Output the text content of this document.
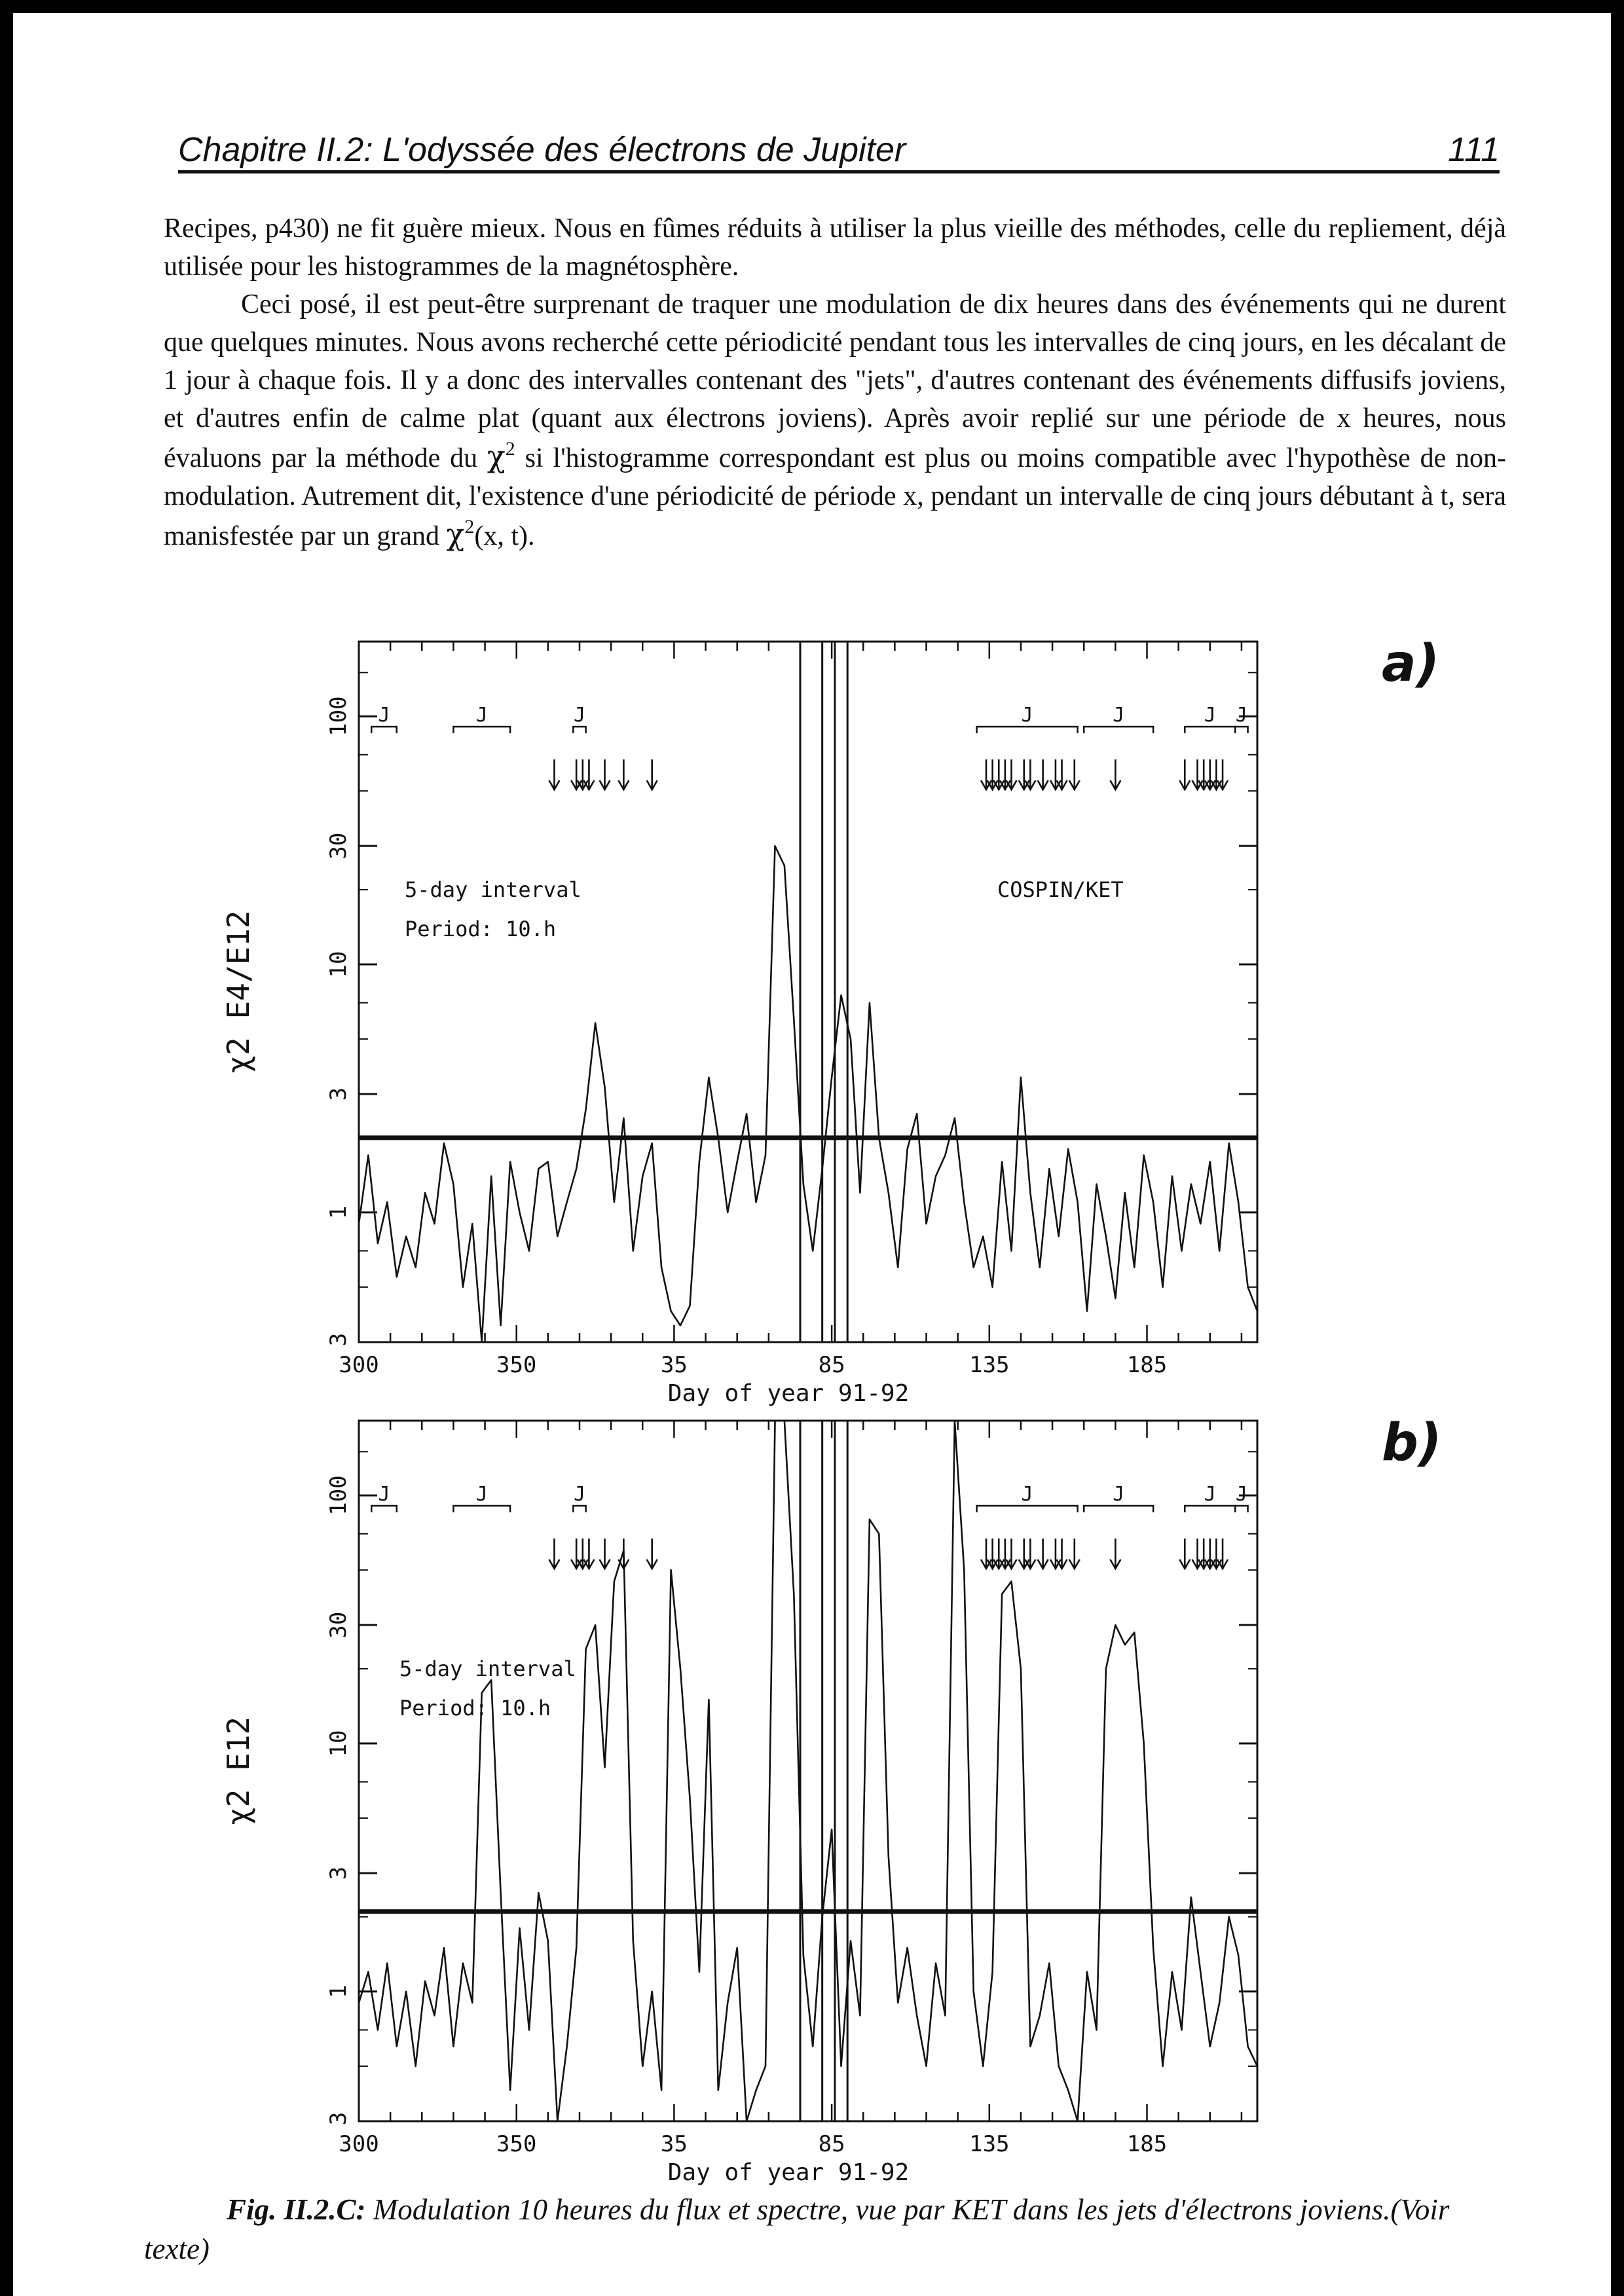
Chapitre II.2: L'odyssée des électrons de Jupiter	111

Recipes, p430) ne fit guère mieux. Nous en fûmes réduits à utiliser la plus vieille des méthodes, celle du repliement, déjà utilisée pour les histogrammes de la magnétosphère.

Ceci posé, il est peut-être surprenant de traquer une modulation de dix heures dans des événements qui ne durent que quelques minutes. Nous avons recherché cette périodicité pendant tous les intervalles de cinq jours, en les décalant de 1 jour à chaque fois. Il y a donc des intervalles contenant des "jets", d'autres contenant des événements diffusifs joviens, et d'autres enfin de calme plat (quant aux électrons joviens). Après avoir replié sur une période de x heures, nous évaluons par la méthode du $\chi^2$ si l'histogramme correspondant est plus ou moins compatible avec l'hypothèse de non-modulation. Autrement dit, l'existence d'une périodicité de période x, pendant un intervalle de cinq jours débutant à t, sera manisfestée par un grand $\chi^2(x$, t).

300	350	35	85	135	185
Day of year 91-92
3
1
3
10
30
100
χ2 E4/E12
J	J	J	J	J	J J
5-day interval
Period: 10.h
COSPIN/KET
a)
300	350	35	85	135	185
Day of year 91-92
3
1
3
10
30
100
χ2 E12
J	J	J	J	J	J J
5-day interval
Period: 10.h
b)
Fig. II.2.C: Modulation 10 heures du flux et spectre, vue par KET dans les jets d'électrons joviens.(Voir texte)
